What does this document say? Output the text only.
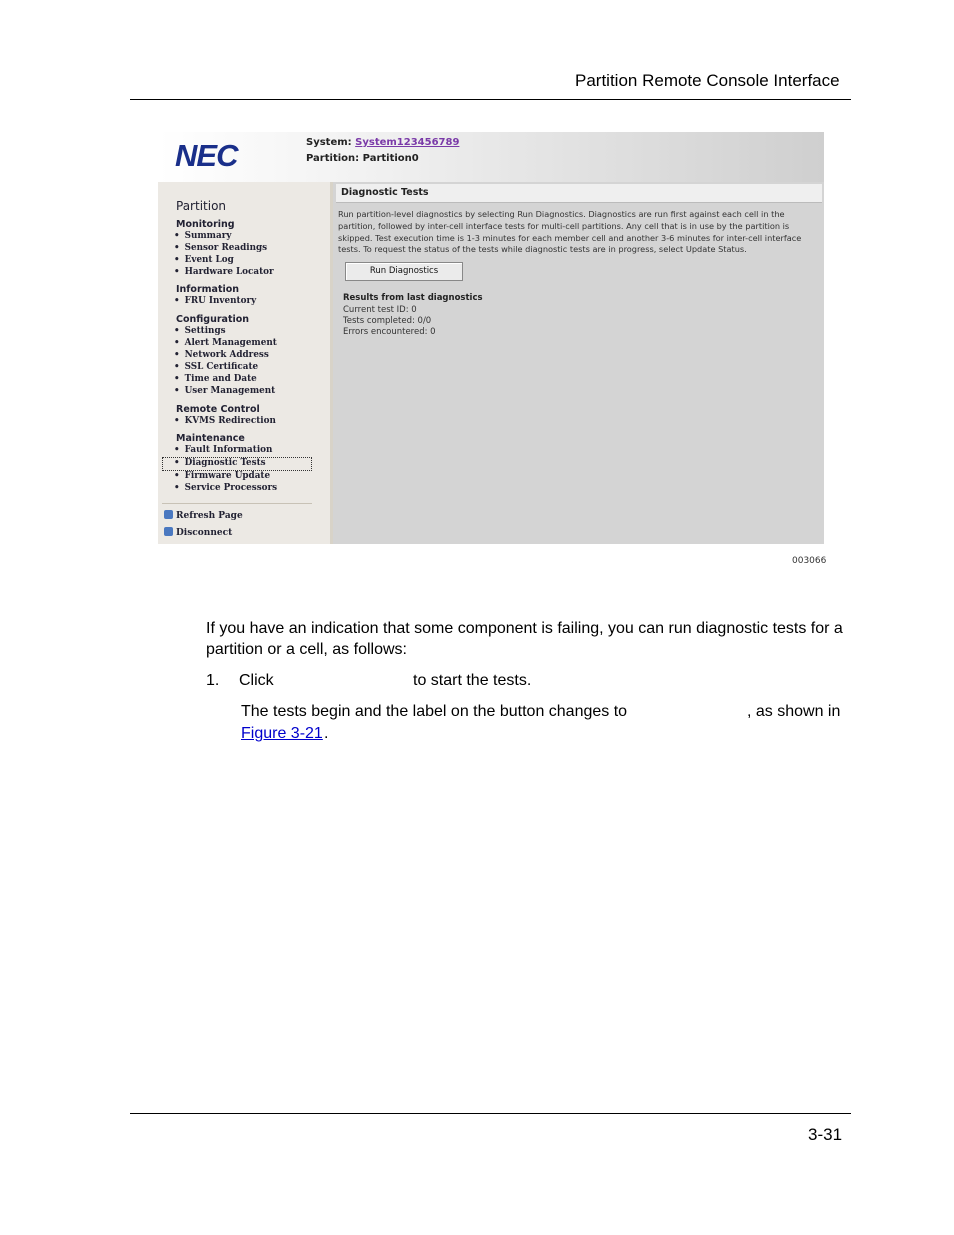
Partition Remote Console Interface
NEC	System: System123456789
Partition: Partition0
Partition
Monitoring
• Summary
• Sensor Readings
• Event Log
• Hardware Locator
Information
• FRU Inventory
Configuration
• Settings
• Alert Management
• Network Address
• SSL Certificate
• Time and Date
• User Management
Remote Control
• KVMS Redirection
Maintenance
• Fault Information
• Diagnostic Tests
• Firmware Update
• Service Processors
Refresh Page
Disconnect
Diagnostic Tests
Run partition-level diagnostics by selecting Run Diagnostics. Diagnostics are run first against each cell in the partition, followed by inter-cell interface tests for multi-cell partitions. Any cell that is in use by the partition is skipped. Test execution time is 1-3 minutes for each member cell and another 3-6 minutes for inter-cell interface tests. To request the status of the tests while diagnostic tests are in progress, select Update Status.
Run Diagnostics
Results from last diagnostics
Current test ID: 0
Tests completed: 0/0
Errors encountered: 0
003066
If you have an indication that some component is failing, you can run diagnostic tests for a partition or a cell, as follows:
1. Click	to start the tests.
The tests begin and the label on the button changes to	, as shown in
Figure 3-21 .
3-31
